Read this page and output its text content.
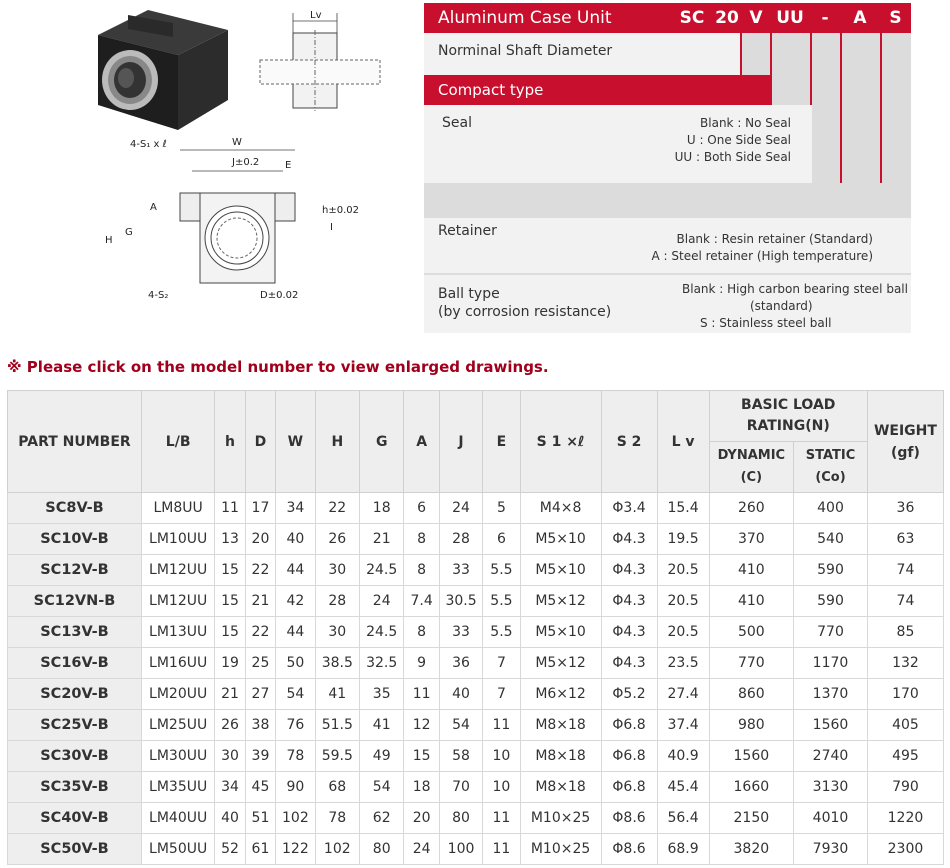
Lv
4-S₁ x ℓ	W
J±0.2	E
A
G
H
h±0.02
I
4-S₂	D±0.02
Aluminum Case Unit	SC 20 V UU	-	A	S
Norminal Shaft Diameter
Compact type
Seal	Blank : No Seal
U : One Side Seal
UU : Both Side Seal
Retainer	Blank : Resin retainer (Standard)
A : Steel retainer (High temperature)
Ball type
(by corrosion resistance)
Blank : High carbon bearing steel ball
(standard)
S : Stainless steel ball
※ Please click on the model number to view enlarged drawings.
PART NUMBER	L/B	h	D	W	H	G	A	J	E	S 1 ×ℓ	S 2	L v	BASIC LOAD RATING(N)		WEIGHT (gf)
													DYNAMIC (C)	STATIC (Co)	
SC8V-B	LM8UU	11	17	34	22	18	6	24	5	M4×8	Φ3.4	15.4	260	400	36
SC10V-B	LM10UU	13	20	40	26	21	8	28	6	M5×10	Φ4.3	19.5	370	540	63
SC12V-B	LM12UU	15	22	44	30	24.5	8	33	5.5	M5×10	Φ4.3	20.5	410	590	74
SC12VN-B	LM12UU	15	21	42	28	24	7.4	30.5	5.5	M5×12	Φ4.3	20.5	410	590	74
SC13V-B	LM13UU	15	22	44	30	24.5	8	33	5.5	M5×10	Φ4.3	20.5	500	770	85
SC16V-B	LM16UU	19	25	50	38.5	32.5	9	36	7	M5×12	Φ4.3	23.5	770	1170	132
SC20V-B	LM20UU	21	27	54	41	35	11	40	7	M6×12	Φ5.2	27.4	860	1370	170
SC25V-B	LM25UU	26	38	76	51.5	41	12	54	11	M8×18	Φ6.8	37.4	980	1560	405
SC30V-B	LM30UU	30	39	78	59.5	49	15	58	10	M8×18	Φ6.8	40.9	1560	2740	495
SC35V-B	LM35UU	34	45	90	68	54	18	70	10	M8×18	Φ6.8	45.4	1660	3130	790
SC40V-B	LM40UU	40	51	102	78	62	20	80	11	M10×25	Φ8.6	56.4	2150	4010	1220
SC50V-B	LM50UU	52	61	122	102	80	24	100	11	M10×25	Φ8.6	68.9	3820	7930	2300
